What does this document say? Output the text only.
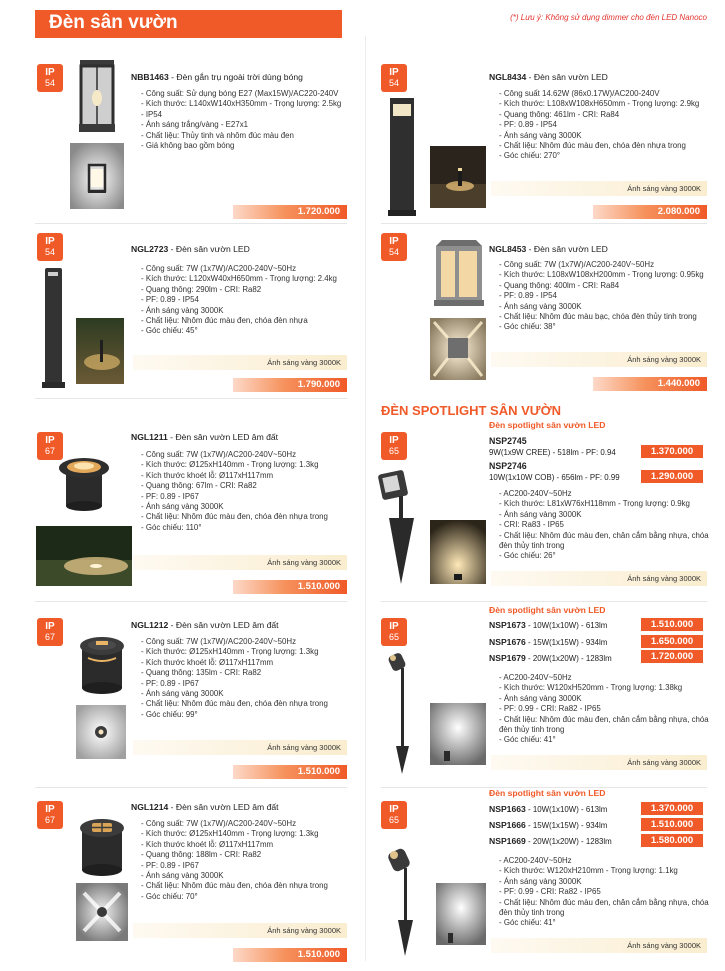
Đèn sân vườn	(*) Lưu ý: Không sử dụng dimmer cho đèn LED Nanoco
IP
54
NBB1463 - Đèn gắn trụ ngoài trời dùng bóng
- Công suất: Sử dụng bóng E27 (Max15W)/AC220-240V
- Kích thước: L140xW140xH350mm - Trọng lượng: 2.5kg
- IP54
- Ánh sáng trắng/vàng - E27x1
- Chất liệu: Thủy tinh và nhôm đúc màu đen
- Giá không bao gồm bóng
1.720.000
IP
54	NGL2723 - Đèn sân vườn LED
- Công suất: 7W (1x7W)/AC200-240V~50Hz
- Kích thước: L120xW40xH650mm - Trọng lượng: 2.4kg
- Quang thông: 290lm - CRI: Ra82
- PF: 0.89 - IP54
- Ánh sáng vàng 3000K
- Chất liệu: Nhôm đúc màu đen, chóa đèn nhựa
- Góc chiếu: 45°
Ánh sáng vàng 3000K
1.790.000
IP
67
NGL1211 - Đèn sân vườn LED âm đất
- Công suất: 7W (1x7W)/AC200-240V~50Hz
- Kích thước: Ø125xH140mm - Trọng lượng: 1.3kg
- Kích thước khoét lỗ: Ø117xH117mm
- Quang thông: 67lm - CRI: Ra82
- PF: 0.89 - IP67
- Ánh sáng vàng 3000K
- Chất liệu: Nhôm đúc màu đen, chóa đèn nhựa trong
- Góc chiếu: 110°
Ánh sáng vàng 3000K
1.510.000
IP
67
NGL1212 - Đèn sân vườn LED âm đất
- Công suất: 7W (1x7W)/AC200-240V~50Hz
- Kích thước: Ø125xH140mm - Trọng lượng: 1.3kg
- Kích thước khoét lỗ: Ø117xH117mm
- Quang thông: 135lm - CRI: Ra82
- PF: 0.89 - IP67
- Ánh sáng vàng 3000K
- Chất liệu: Nhôm đúc màu đen, chóa đèn nhựa trong
- Góc chiếu: 99°
Ánh sáng vàng 3000K
1.510.000
IP
67
NGL1214 - Đèn sân vườn LED âm đất
- Công suất: 7W (1x7W)/AC200-240V~50Hz
- Kích thước: Ø125xH140mm - Trọng lượng: 1.3kg
- Kích thước khoét lỗ: Ø117xH117mm
- Quang thông: 188lm - CRI: Ra82
- PF: 0.89 - IP67
- Ánh sáng vàng 3000K
- Chất liệu: Nhôm đúc màu đen, chóa đèn nhựa trong
- Góc chiếu: 70°
Ánh sáng vàng 3000K
1.510.000
IP
54
NGL8434 - Đèn sân vườn LED
- Công suất 14.62W (86x0.17W)/AC200-240V
- Kích thước: L108xW108xH650mm - Trọng lượng: 2.9kg
- Quang thông: 461lm - CRI: Ra84
- PF: 0.89 - IP54
- Ánh sáng vàng 3000K
- Chất liệu: Nhôm đúc màu đen, chóa đèn nhựa trong
- Góc chiếu: 270°
Ánh sáng vàng 3000K
2.080.000
IP
54	NGL8453 - Đèn sân vườn LED
- Công suất: 7W (1x7W)/AC200-240V~50Hz
- Kích thước: L108xW108xH200mm - Trọng lượng: 0.95kg
- Quang thông: 400lm - CRI: Ra84
- PF: 0.89 - IP54
- Ánh sáng vàng 3000K
- Chất liệu: Nhôm đúc màu bạc, chóa đèn thủy tinh trong
- Góc chiếu: 38°
Ánh sáng vàng 3000K
1.440.000
ĐÈN SPOTLIGHT SÂN VƯỜN
IP
65
Đèn spotlight sân vườn LED
NSP2745
9W(1x9W CREE) - 518lm - PF: 0.94	1.370.000
NSP2746
10W(1x10W COB) - 656lm - PF: 0.99	1.290.000
- AC200-240V~50Hz
- Kích thước: L81xW76xH118mm - Trọng lượng: 0.9kg
- Ánh sáng vàng 3000K
- CRI: Ra83 - IP65
- Chất liệu: Nhôm đúc màu đen, chân cắm bằng nhựa, chóa đèn thủy tinh trong
- Góc chiếu: 26°
Ánh sáng vàng 3000K
IP
65
Đèn spotlight sân vườn LED
NSP1673 - 10W(1x10W) - 613lm	1.510.000
NSP1676 - 15W(1x15W) - 934lm	1.650.000
NSP1679 - 20W(1x20W) - 1283lm	1.720.000
- AC200-240V~50Hz
- Kích thước: W120xH520mm - Trọng lượng: 1.38kg
- Ánh sáng vàng 3000K
- PF: 0.99 - CRI: Ra82 - IP65
- Chất liệu: Nhôm đúc màu đen, chân cắm bằng nhựa, chóa đèn thủy tinh trong
- Góc chiếu: 41°
Ánh sáng vàng 3000K
IP
65
Đèn spotlight sân vườn LED
NSP1663 - 10W(1x10W) - 613lm	1.370.000
NSP1666 - 15W(1x15W) - 934lm	1.510.000
NSP1669 - 20W(1x20W) - 1283lm	1.580.000
- AC200-240V~50Hz
- Kích thước: W120xH210mm - Trọng lượng: 1.1kg
- Ánh sáng vàng 3000K
- PF: 0.99 - CRI: Ra82 - IP65
- Chất liệu: Nhôm đúc màu đen, chân cắm bằng nhựa, chóa đèn thủy tinh trong
- Góc chiếu: 41°
Ánh sáng vàng 3000K
